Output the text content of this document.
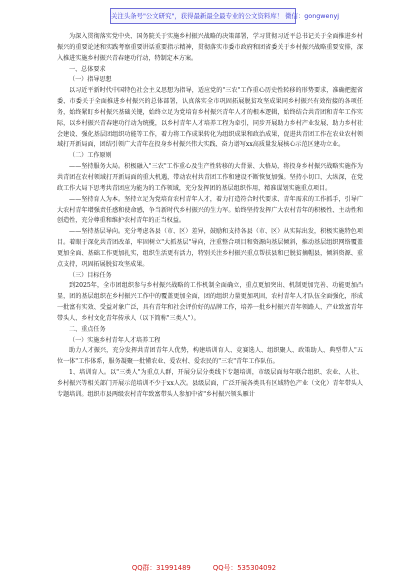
关注头条号"公文研究"，获得最新最全最专业的公文资料库！ 微信：gongwenyj

为深入贯彻落实党中央、国务院关于实施乡村振兴战略的决策部署，学习贯彻习近平总书记关于全面推进乡村振兴的重要论述和实践考察重要讲话重要指示精神，贯彻落实市委市政府和团省委关于乡村振兴战略重要安排，深入推进实施乡村振兴青春建功行动，特制定本方案。

一、总体要求

（一）指导思想

以习近平新时代中国特色社会主义思想为指导，适应党的"三农"工作重心历史性转移的形势要求，准确把握省委、市委关于全面推进乡村振兴的总体部署，认真落实全市巩固拓展脱贫攻坚成果同乡村振兴有效衔接的各项任务，始终紧盯乡村振兴基础关键，始终立足为党培育乡村振兴青年人才的根本逻辑，始终结合共青团和青年工作实际，以乡村振兴青春建功行动为统揽，以乡村青年人才培养工程为牵引，同步开展助力乡村产业发展、助力乡村社会建设、强化基层团组织功能等工作，着力将工作成果转化为组织成果和政治成果，促进共青团工作在农业农村领域打开新局面，团结引领广大青年在投身乡村振兴伟大实践、奋力谱写xx高质量发展核心示范区建功立业。

（二）工作原则

——坚持服务大局。积极融入"三农"工作重心及生产性转移的大背景、大格局，将投身乡村振兴战略实施作为共青团在农村领域打开新局面的重大机遇，带动农村共青团工作和建设不断恢复加强。坚持小切口、大纵深，在党政工作大局下思考共青团应为能为的工作领域，充分发挥团的基层组织作用，精准谋划实施重点项目。

——坚持育人为本。坚持立足为党培育农村青年人才，着力打造符合时代要求、青年需求的工作抓手，引导广大农村青年增强责任感和使命感，争当新时代乡村振兴的生力军。始终坚持发挥广大农村青年的积极性、主动性和创造性，充分尊重和维护农村青年的正当权益。

——坚持基层导向。充分考虑各县（市、区）差异，鼓励和支持各县（市、区）从实际出发，积极实施特色项目。着眼于深化共青团改革，牢固树立"大抓基层"导向，注重整合项目和资源向基层倾斜，推动基层组织网络覆盖更加全面、基础工作更加扎实，组织生活更有活力，特别关注乡村振兴重点帮扶县和已脱贫摘帽县，倾斜资源、重点支持，巩固拓展脱贫攻坚成果。

（三）目标任务

到2025年，全市团组织参与乡村振兴战略的工作机制全面确立，重点更加突出、机制更加完善、功能更加凸显，团的基层组织在乡村振兴工作中的覆盖更加全面，团的组织力量更加巩固，农村青年人才队伍全面强化，形成一批富有实效、受益对象广泛，具有青年和社会评价好的品牌工作，培养一批乡村振兴青年领路人、产业致富青年带头人、乡村文化青年传承人（以下简称"三类人"）。

二、重点任务

（一）实施乡村青年人才培养工程

助力人才振兴，充分发挥共青团青年人优势，构建培训育人、竞赛选人、组织聚人、政策助人、典型带人"五位一体"工作体系，服务凝聚一批懂农业、爱农村、爱农民的"三农"青年工作队伍。

1、培训育人。以"三类人"为重点人群，开展分层分类线下专题培训，市级层面每年联合组织、农业、人社、乡村振兴等相关部门开展示范培训不少于xx人次。县级层面，广泛开展各类具有区域特色产业（文化）青年带头人专题培训。组织市县两级农村青年致富带头人参加中省"乡村振兴领头雁计

QQ群：31991489	QQ号：535304092
